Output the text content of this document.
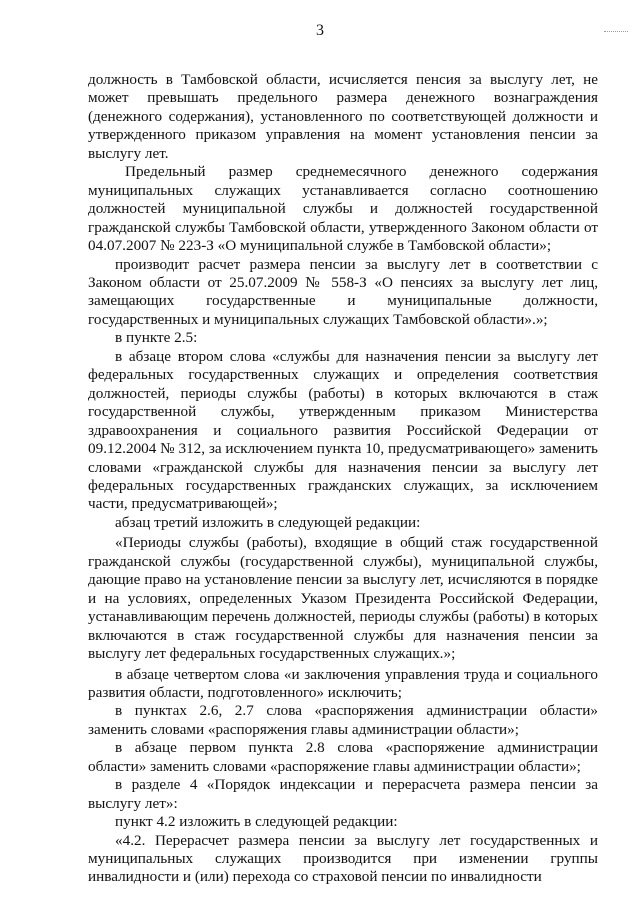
3

должность в Тамбовской области, исчисляется пенсия за выслугу лет, не может превышать предельного размера денежного вознаграждения (денежного содержания), установленного по соответствующей должности и утвержденного приказом управления на момент установления пенсии за выслугу лет.

Предельный размер среднемесячного денежного содержания муниципальных служащих устанавливается согласно соотношению должностей муниципальной службы и должностей государственной гражданской службы Тамбовской области, утвержденного Законом области от 04.07.2007 № 223-З «О муниципальной службе в Тамбовской области»;

производит расчет размера пенсии за выслугу лет в соответствии с Законом области от 25.07.2009 № 558-З «О пенсиях за выслугу лет лиц, замещающих государственные и муниципальные должности, государственных и муниципальных служащих Тамбовской области».»;

в пункте 2.5:

в абзаце втором слова «службы для назначения пенсии за выслугу лет федеральных государственных служащих и определения соответствия должностей, периоды службы (работы) в которых включаются в стаж государственной службы, утвержденным приказом Министерства здравоохранения и социального развития Российской Федерации от 09.12.2004 № 312, за исключением пункта 10, предусматривающего» заменить словами «гражданской службы для назначения пенсии за выслугу лет федеральных государственных гражданских служащих, за исключением части, предусматривающей»;

абзац третий изложить в следующей редакции:

«Периоды службы (работы), входящие в общий стаж государственной гражданской службы (государственной службы), муниципальной службы, дающие право на установление пенсии за выслугу лет, исчисляются в порядке и на условиях, определенных Указом Президента Российской Федерации, устанавливающим перечень должностей, периоды службы (работы) в которых включаются в стаж государственной службы для назначения пенсии за выслугу лет федеральных государственных служащих.»;

в абзаце четвертом слова «и заключения управления труда и социального развития области, подготовленного» исключить;

в пунктах 2.6, 2.7 слова «распоряжения администрации области» заменить словами «распоряжения главы администрации области»;

в абзаце первом пункта 2.8 слова «распоряжение администрации области» заменить словами «распоряжение главы администрации области»;

в разделе 4 «Порядок индексации и перерасчета размера пенсии за выслугу лет»:

пункт 4.2 изложить в следующей редакции:

«4.2. Перерасчет размера пенсии за выслугу лет государственных и муниципальных служащих производится при изменении группы инвалидности и (или) перехода со страховой пенсии по инвалидности
